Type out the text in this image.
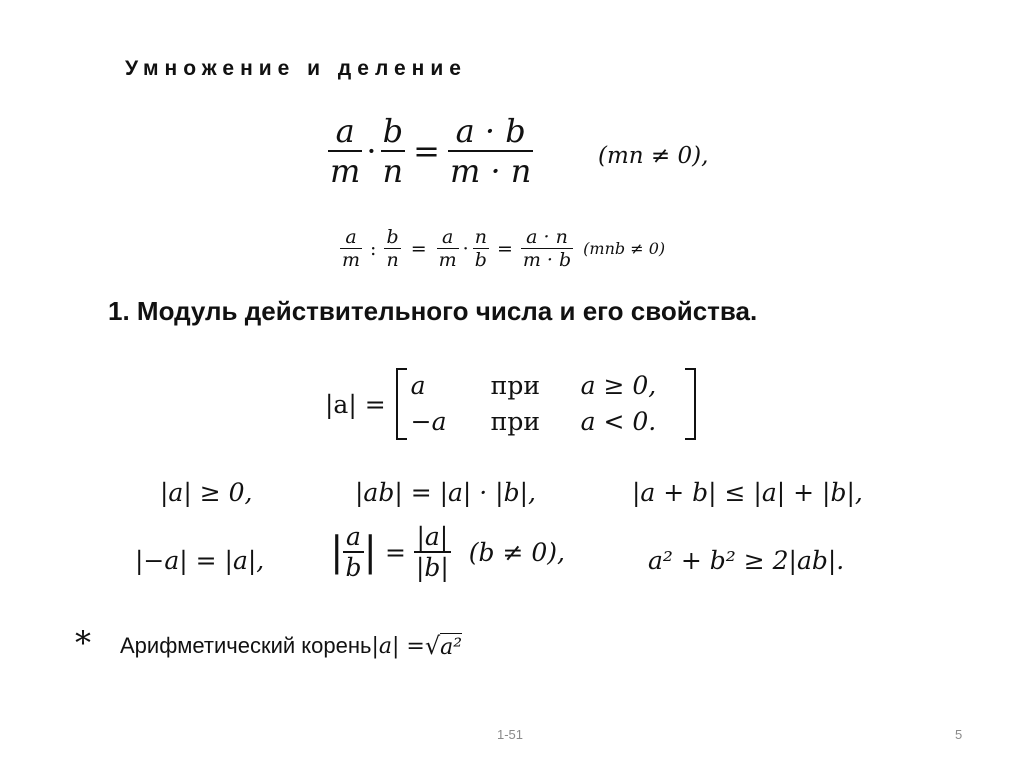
Умножение и деление
$\frac{a}{m} \cdot \frac{b}{n} = \frac{a \cdot b}{m \cdot n}$	(mn ≠ 0),
$\frac{a}{m}$ : $\frac{b}{n} = \frac{a}{m} \cdot \frac{n}{b} = \frac{a \cdot n}{m \cdot b} (mnb \ne 0)$
1. Модуль действительного числа и его свойства.
|a| =
a	при	a ≥ 0,
−a	при	a < 0.
|a| ≥ 0,	|ab| = |a| · |b|,	|a + b| ≤ |a| + |b|,
|−a| = |a|, | $\frac{a}{b}$ | = $\frac{|a|}{|b|} (b \ne 0)$,	a² + b² ≥ 2|ab|.
* Арифметический корень |a| = √ a²
1-51	5
